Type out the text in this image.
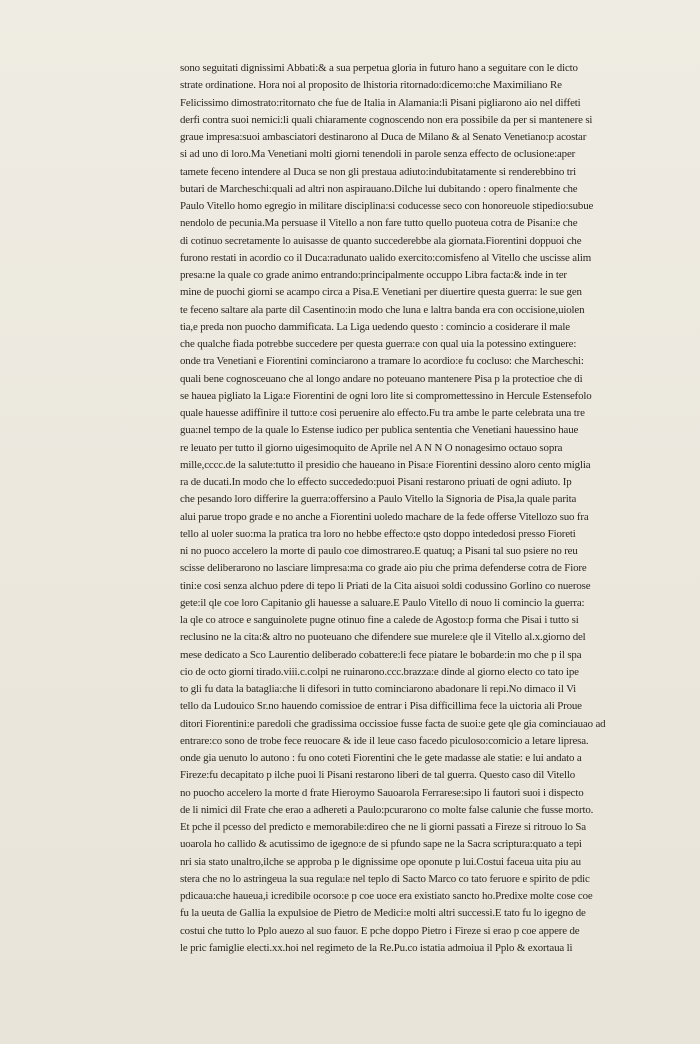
sono seguitati dignissimi Abbati:& a sua perpetua gloria in futuro hano a seguitare con le dicto
strate ordinatione. Hora noi al proposito de lhistoria ritornado:dicemo:che Maximiliano Re
Felicissimo dimostrato:ritornato che fue de Italia in Alamania:li Pisani pigliarono aio nel diffeti
derfi contra suoi nemici:li quali chiaramente cognoscendo non era possibile da per si mantenere si
graue impresa:suoi ambasciatori destinarono al Duca de Milano & al Senato Venetiano:p acostar
si ad uno di loro.Ma Venetiani molti giorni tenendoli in parole senza effecto de oclusione:aper
tamete feceno intendere al Duca se non gli prestaua adiuto:indubitatamente si renderebbino tri
butari de Marcheschi:quali ad altri non aspirauano.Dilche lui dubitando : opero finalmente che
Paulo Vitello homo egregio in militare disciplina:si coducesse seco con honoreuole stipedio:subue
nendolo de pecunia.Ma persuase il Vitello a non fare tutto quello puoteua cotra de Pisani:e che
di cotinuo secretamente lo auisasse de quanto succederebbe ala giornata.Fiorentini doppuoi che
furono restati in acordio co il Duca:radunato ualido exercito:comisfeno al Vitello che uscisse alim
presa:ne la quale co grade animo entrando:principalmente occuppo Libra facta:& inde in ter
mine de puochi giorni se acampo circa a Pisa.E Venetiani per diuertire questa guerra: le sue gen
te feceno saltare ala parte dil Casentino:in modo che luna e laltra banda era con occisione,uiolen
tia,e preda non puocho dammificata. La Liga uedendo questo : comincio a cosiderare il male
che qualche fiada potrebbe succedere per questa guerra:e con qual uia la potessino extinguere:
onde tra Venetiani e Fiorentini cominciarono a tramare lo acordio:e fu cocluso: che Marcheschi:
quali bene cognosceuano che al longo andare no poteuano mantenere Pisa p la protectioe che di
se hauea pigliato la Liga:e Fiorentini de ogni loro lite si compromettessino in Hercule Estensefolo
quale hauesse adiffinire il tutto:e cosi peruenire alo effecto.Fu tra ambe le parte celebrata una tre
gua:nel tempo de la quale lo Estense iudico per publica sententia che Venetiani hauessino haue
re leuato per tutto il giorno uigesimoquito de Aprile nel A N N O nonagesimo octauo sopra
mille,cccc.de la salute:tutto il presidio che haueano in Pisa:e Fiorentini dessino aloro cento miglia
ra de ducati.In modo che lo effecto succededo:puoi Pisani restarono priuati de ogni adiuto. Ip
che pesando loro differire la guerra:offersino a Paulo Vitello la Signoria de Pisa,la quale parita
alui parue tropo grade e no anche a Fiorentini uoledo machare de la fede offerse Vitellozo suo fra
tello al uoler suo:ma la pratica tra loro no hebbe effecto:e qsto doppo intededosi presso Fioreti
ni no puoco accelero la morte di paulo coe dimostrareo.E quatuq; a Pisani tal suo psiere no reu
scisse deliberarono no lasciare limpresa:ma co grade aio piu che prima defenderse cotra de Fiore
tini:e cosi senza alchuo pdere di tepo li Priati de la Cita aisuoi soldi codussino Gorlino co nuerose
gete:il qle coe loro Capitanio gli hauesse a saluare.E Paulo Vitello di nouo li comincio la guerra:
la qle co atroce e sanguinolete pugne otinuo fine a calede de Agosto:p forma che Pisai i tutto si
reclusino ne la cita:& altro no puoteuano che difendere sue murele:e qle il Vitello al.x.giorno del
mese dedicato a Sco Laurentio deliberado cobattere:li fece piatare le bobarde:in mo che p il spa
cio de octo giorni tirado.viii.c.colpi ne ruinarono.ccc.brazza:e dinde al giorno electo co tato ipe
to gli fu data la bataglia:che li difesori in tutto cominciarono abadonare li repi.No dimaco il Vi
tello da Ludouico Sr.no hauendo comissioe de entrar i Pisa difficillima fece la uictoria ali Proue
ditori Fiorentini:e paredoli che gradissima occissioe fusse facta de suoi:e gete qle gia cominciauao ad
entrare:co sono de trobe fece reuocare & ide il leue caso facedo piculoso:comicio a letare lipresa.
onde gia uenuto lo autono : fu ono coteti Fiorentini che le gete madasse ale statie: e lui andato a
Fireze:fu decapitato p ilche puoi li Pisani restarono liberi de tal guerra. Questo caso dil Vitello
no puocho accelero la morte d frate Hieroymo Sauoarola Ferrarese:sipo li fautori suoi i dispecto
de li nimici dil Frate che erao a adhereti a Paulo:pcurarono co molte false calunie che fusse morto.
Et pche il pcesso del predicto e memorabile:direo che ne li giorni passati a Fireze si ritrouo lo Sa
uoarola ho callido & acutissimo de igegno:e de si pfundo sape ne la Sacra scriptura:quato a tepi
nri sia stato unaltro,ilche se approba p le dignissime ope oponute p lui.Costui faceua uita piu au
stera che no lo astringeua la sua regula:e nel teplo di Sacto Marco co tato feruore e spirito de pdic
pdicaua:che haueua,i icredibile ocorso:e p coe uoce era existiato sancto ho.Predixe molte cose coe
fu la ueuta de Gallia la expulsioe de Pietro de Medici:e molti altri successi.E tato fu lo igegno de
costui che tutto lo Pplo auezo al suo fauor. E pche doppo Pietro i Fireze si erao p coe appere de
le pric famiglie electi.xx.hoi nel regimeto de la Re.Pu.co istatia admoiua il Pplo & exortaua li
